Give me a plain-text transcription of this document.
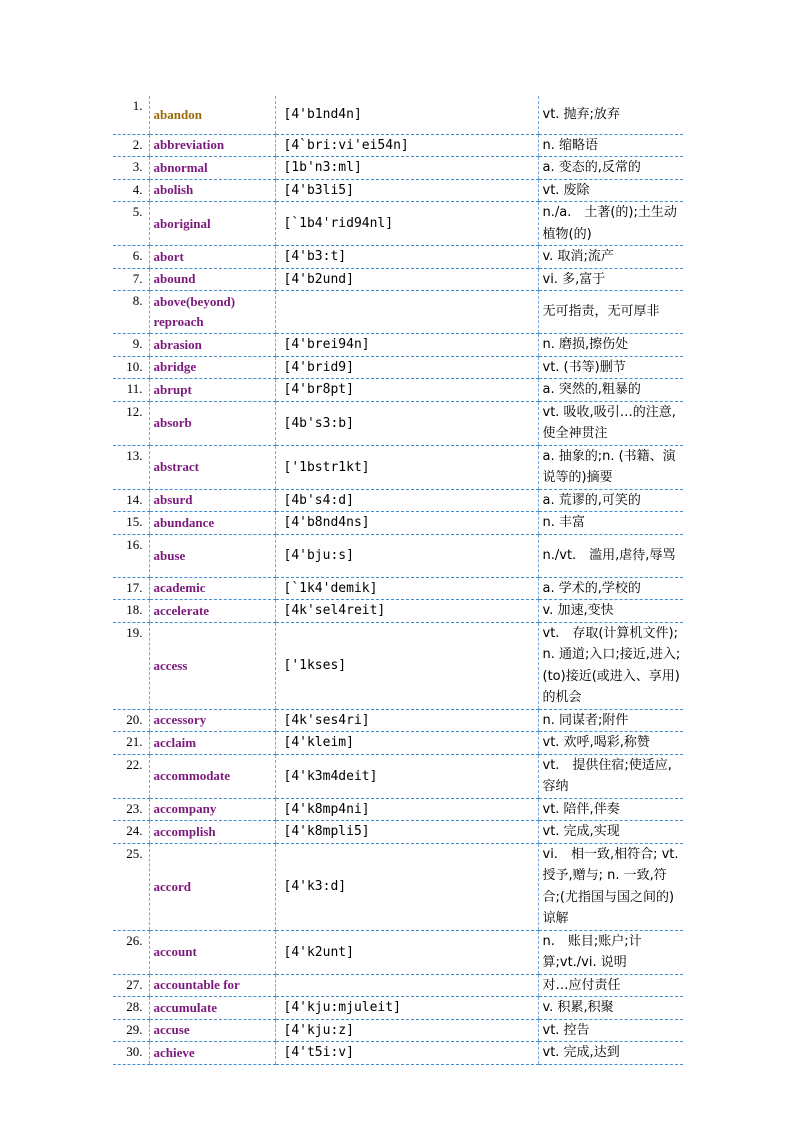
1.	abandon	[4'b1nd4n]	vt. 抛弃;放弃
2.	abbreviation	[4`bri:vi'ei54n]	n. 缩略语
3.	abnormal	[1b'n3:ml]	a. 变态的,反常的
4.	abolish	[4'b3li5]	vt. 废除
5.	aboriginal	[`1b4'rid94nl]	n./a.　土著(的);土生动植物(的)
6.	abort	[4'b3:t]	v. 取消;流产
7.	abound	[4'b2und]	vi. 多,富于
8.	above(beyond) reproach		无可指责，无可厚非
9.	abrasion	[4'brei94n]	n. 磨损,擦伤处
10.	abridge	[4'brid9]	vt. (书等)删节
11.	abrupt	[4'br8pt]	a. 突然的,粗暴的
12.	absorb	[4b's3:b]	vt. 吸收,吸引…的注意,使全神贯注
13.	abstract	['1bstr1kt]	a. 抽象的;n. (书籍、演说等的)摘要
14.	absurd	[4b's4:d]	a. 荒谬的,可笑的
15.	abundance	[4'b8nd4ns]	n. 丰富
16.	abuse	[4'bju:s]	n./vt.　滥用,虐待,辱骂
17.	academic	[`1k4'demik]	a. 学术的,学校的
18.	accelerate	[4k'sel4reit]	v. 加速,变快
19.	access	['1kses]	vt.　存取(计算机文件); n. 通道;入口;接近,进入;(to)接近(或进入、享用)的机会
20.	accessory	[4k'ses4ri]	n. 同谋者;附件
21.	acclaim	[4'kleim]	vt. 欢呼,喝彩,称赞
22.	accommodate	[4'k3m4deit]	vt.　提供住宿;使适应,容纳
23.	accompany	[4'k8mp4ni]	vt. 陪伴,伴奏
24.	accomplish	[4'k8mpli5]	vt. 完成,实现
25.	accord	[4'k3:d]	vi.　相一致,相符合; vt. 授予,赠与; n. 一致,符合;(尤指国与国之间的)谅解
26.	account	[4'k2unt]	n.　账目;账户;计算;vt./vi. 说明
27.	accountable for		对…应付责任
28.	accumulate	[4'kju:mjuleit]	v. 积累,积聚
29.	accuse	[4'kju:z]	vt. 控告
30.	achieve	[4't5i:v]	vt. 完成,达到
